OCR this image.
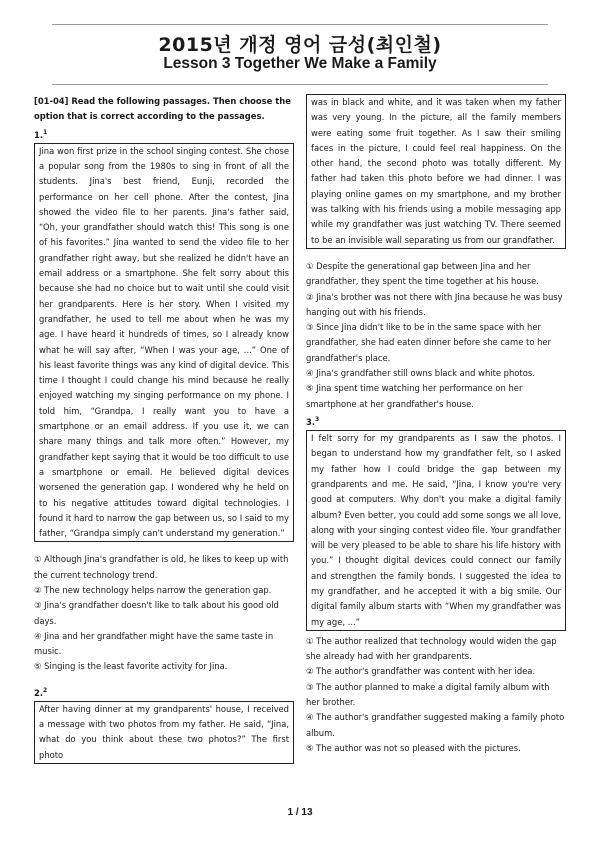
2015년 개정 영어 금성(최인철)
Lesson 3 Together We Make a Family
[01-04] Read the following passages. Then choose the option that is correct according to the passages.
1.$^1$
Jina won first prize in the school singing contest. She chose a popular song from the 1980s to sing in front of all the students. Jina's best friend, Eunji, recorded the performance on her cell phone. After the contest, Jina showed the video file to her parents. Jina's father said, “Oh, your grandfather should watch this! This song is one of his favorites.” Jina wanted to send the video file to her grandfather right away, but she realized he didn't have an email address or a smartphone. She felt sorry about this because she had no choice but to wait until she could visit her grandparents. Here is her story. When I visited my grandfather, he used to tell me about when he was my age. I have heard it hundreds of times, so I already know what he will say after, “When I was your age, ...” One of his least favorite things was any kind of digital device. This time I thought I could change his mind because he really enjoyed watching my singing performance on my phone. I told him, “Grandpa, I really want you to have a smartphone or an email address. If you use it, we can share many things and talk more often.” However, my grandfather kept saying that it would be too difficult to use a smartphone or email. He believed digital devices worsened the generation gap. I wondered why he held on to his negative attitudes toward digital technologies. I found it hard to narrow the gap between us, so I said to my father, “Grandpa simply can't understand my generation.”
① Although Jina's grandfather is old, he likes to keep up with the current technology trend.
② The new technology helps narrow the generation gap.
③ Jina's grandfather doesn't like to talk about his good old days.
④ Jina and her grandfather might have the same taste in music.
⑤ Singing is the least favorite activity for Jina.
2.$^2$
After having dinner at my grandparents' house, I received a message with two photos from my father. He said, “Jina, what do you think about these two photos?” The first photo
was in black and white, and it was taken when my father was very young. In the picture, all the family members were eating some fruit together. As I saw their smiling faces in the picture, I could feel real happiness. On the other hand, the second photo was totally different. My father had taken this photo before we had dinner. I was playing online games on my smartphone, and my brother was talking with his friends using a mobile messaging app while my grandfather was just watching TV. There seemed to be an invisible wall separating us from our grandfather.
① Despite the generational gap between Jina and her grandfather, they spent the time together at his house.
② Jina's brother was not there with Jina because he was busy hanging out with his friends.
③ Since Jina didn't like to be in the same space with her grandfather, she had eaten dinner before she came to her grandfather's place.
④ Jina's grandfather still owns black and white photos.
⑤ Jina spent time watching her performance on her smartphone at her grandfather's house.
3.$^3$
I felt sorry for my grandparents as I saw the photos. I began to understand how my grandfather felt, so I asked my father how I could bridge the gap between my grandparents and me. He said, “Jina, I know you're very good at computers. Why don't you make a digital family album? Even better, you could add some songs we all love, along with your singing contest video file. Your grandfather will be very pleased to be able to share his life history with you.” I thought digital devices could connect our family and strengthen the family bonds. I suggested the idea to my grandfather, and he accepted it with a big smile. Our digital family album starts with “When my grandfather was my age, ...”
① The author realized that technology would widen the gap she already had with her grandparents.
② The author's grandfather was content with her idea.
③ The author planned to make a digital family album with her brother.
④ The author's grandfather suggested making a family photo album.
⑤ The author was not so pleased with the pictures.
1 / 13
